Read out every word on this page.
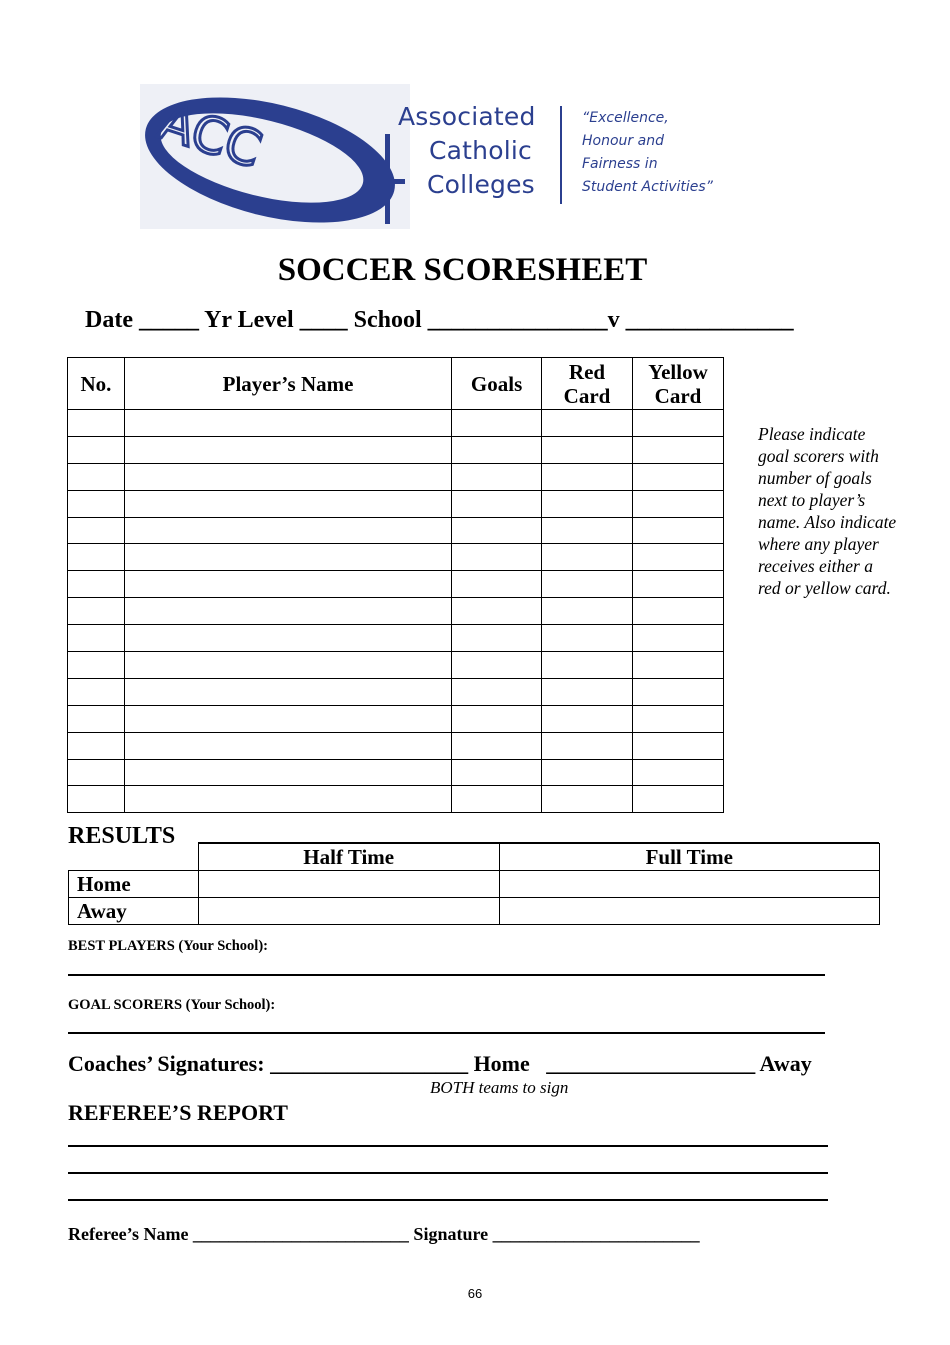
ACC	Associated
Catholic
Colleges
“Excellence,
Honour and
Fairness in
Student Activities”
SOCCER SCORESHEET
Date _____ Yr Level ____ School _______________v ______________
No.	Player’s Name	Goals	Red Card	Yellow Card

Please indicate goal scorers with number of goals next to player’s name. Also indicate where any player receives either a red or yellow card.
RESULTS
	Half Time	Full Time
Home		
Away		
BEST PLAYERS (Your School):
GOAL SCORERS (Your School):
Coaches’ Signatures: __________________ Home   ___________________ Away
BOTH teams to sign
REFEREE’S REPORT
Referee’s Name ________________________ Signature _______________________
66
